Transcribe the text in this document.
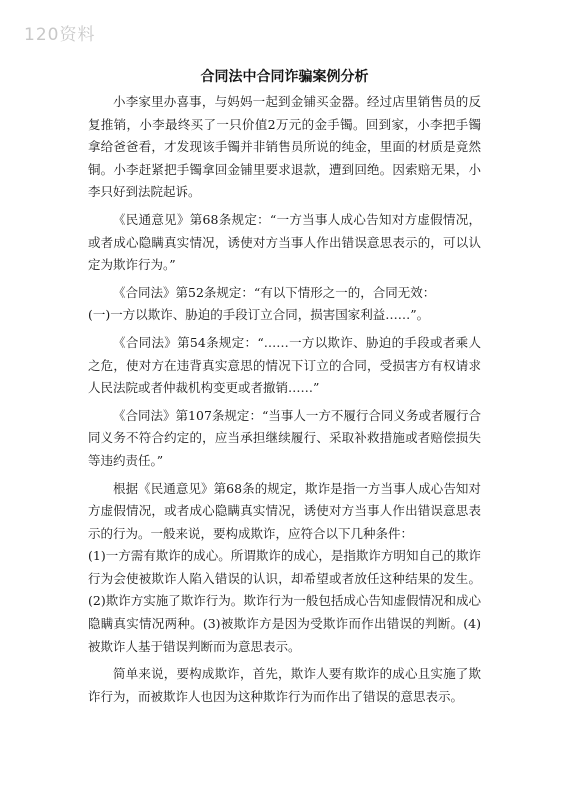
120资料
合同法中合同诈骗案例分析

小李家里办喜事，与妈妈一起到金铺买金器。经过店里销售员的反复推销，小李最终买了一只价值2万元的金手镯。回到家，小李把手镯拿给爸爸看，才发现该手镯并非销售员所说的纯金，里面的材质是竟然铜。小李赶紧把手镯拿回金铺里要求退款，遭到回绝。因索赔无果，小李只好到法院起诉。

《民通意见》第68条规定：“一方当事人成心告知对方虚假情况，或者成心隐瞒真实情况，诱使对方当事人作出错误意思表示的，可以认定为欺诈行为。”

《合同法》第52条规定：“有以下情形之一的，合同无效：

(一)一方以欺诈、胁迫的手段订立合同，损害国家利益……”。

《合同法》第54条规定：“……一方以欺诈、胁迫的手段或者乘人之危，使对方在违背真实意思的情况下订立的合同，受损害方有权请求人民法院或者仲裁机构变更或者撤销……”

《合同法》第107条规定：“当事人一方不履行合同义务或者履行合同义务不符合约定的，应当承担继续履行、采取补救措施或者赔偿损失等违约责任。”

根据《民通意见》第68条的规定，欺诈是指一方当事人成心告知对方虚假情况，或者成心隐瞒真实情况，诱使对方当事人作出错误意思表示的行为。一般来说，要构成欺诈，应符合以下几种条件：

(1)一方需有欺诈的成心。所谓欺诈的成心，是指欺诈方明知自己的欺诈行为会使被欺诈人陷入错误的认识，却希望或者放任这种结果的发生。(2)欺诈方实施了欺诈行为。欺诈行为一般包括成心告知虚假情况和成心隐瞒真实情况两种。(3)被欺诈方是因为受欺诈而作出错误的判断。(4)被欺诈人基于错误判断而为意思表示。

简单来说，要构成欺诈，首先，欺诈人要有欺诈的成心且实施了欺诈行为，而被欺诈人也因为这种欺诈行为而作出了错误的意思表示。
